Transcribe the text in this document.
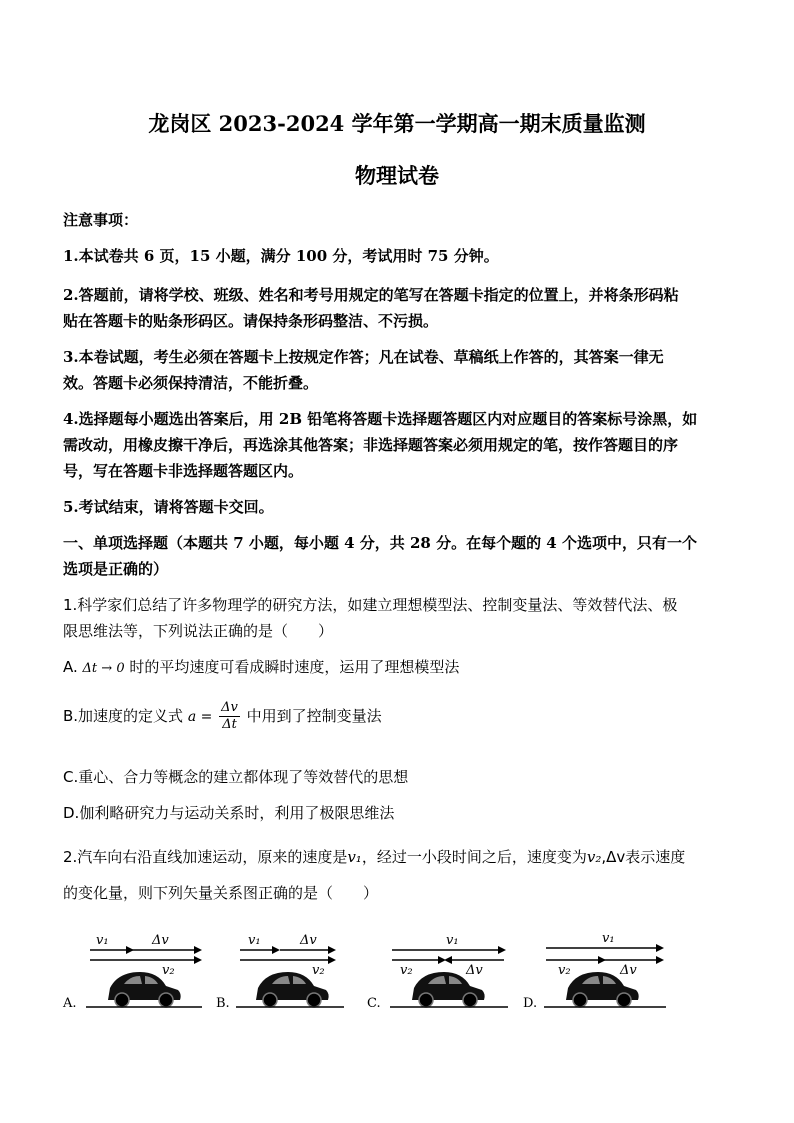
龙岗区 2023-2024 学年第一学期高一期末质量监测
物理试卷
注意事项：
1.本试卷共 6 页，15 小题，满分 100 分，考试用时 75 分钟。
2.答题前，请将学校、班级、姓名和考号用规定的笔写在答题卡指定的位置上，并将条形码粘
贴在答题卡的贴条形码区。请保持条形码整洁、不污损。
3.本卷试题，考生必须在答题卡上按规定作答；凡在试卷、草稿纸上作答的，其答案一律无
效。答题卡必须保持清洁，不能折叠。
4.选择题每小题选出答案后，用 2B 铅笔将答题卡选择题答题区内对应题目的答案标号涂黑，如
需改动，用橡皮擦干净后，再选涂其他答案；非选择题答案必须用规定的笔，按作答题目的序
号，写在答题卡非选择题答题区内。
5.考试结束，请将答题卡交回。
一、单项选择题（本题共 7 小题，每小题 4 分，共 28 分。在每个题的 4 个选项中，只有一个
选项是正确的）
1.科学家们总结了许多物理学的研究方法，如建立理想模型法、控制变量法、等效替代法、极
限思维法等，下列说法正确的是（　　）
A. Δt → 0 时的平均速度可看成瞬时速度，运用了理想模型法
B.加速度的定义式 $a = \frac{\Delta v}{\Delta t}$ 中用到了控制变量法
C.重心、合力等概念的建立都体现了等效替代的思想
D.伽利略研究力与运动关系时，利用了极限思维法
2.汽车向右沿直线加速运动，原来的速度是v₁，经过一小段时间之后，速度变为v₂,Δv表示速度
的变化量，则下列矢量关系图正确的是（　　）
A.
v₁	Δv
v₂
B.
v₁	Δv
v₂
C.
v₁
v₂	Δv
D.
v₁
v₂	Δv
